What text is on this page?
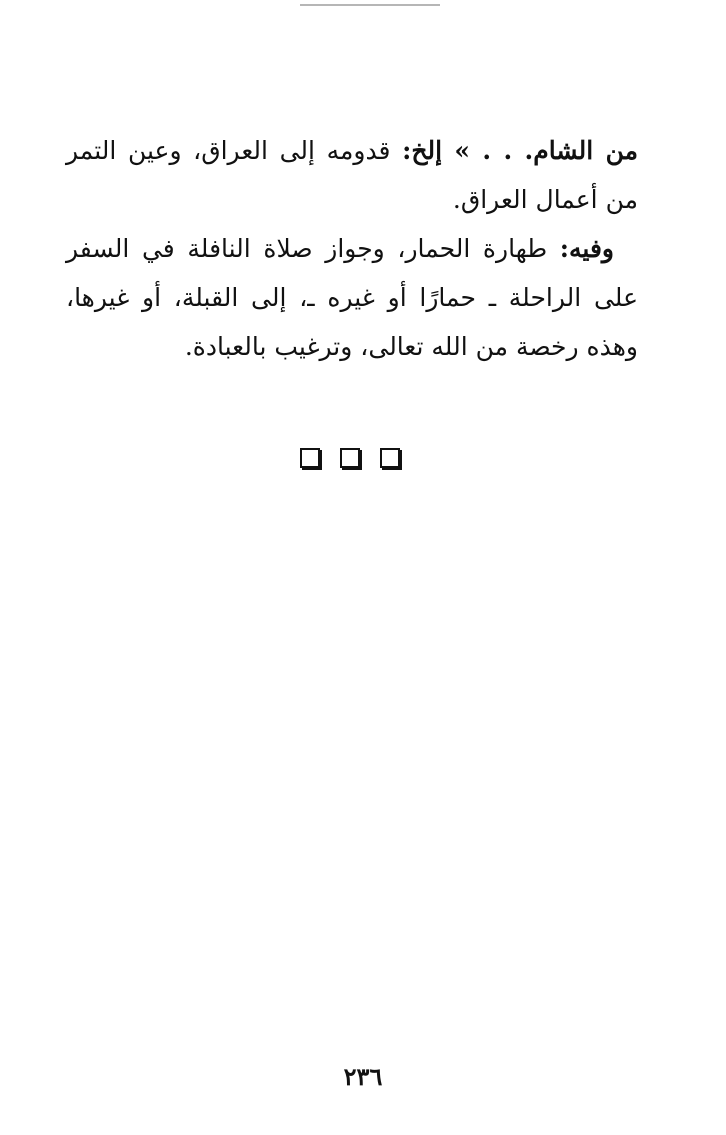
من الشام. . . » إلخ: قدومه إلى العراق، وعين التمر من أعمال العراق.

وفيه: طهارة الحمار، وجواز صلاة النافلة في السفر على الراحلة ـ حمارًا أو غيره ـ، إلى القبلة، أو غيرها، وهذه رخصة من الله تعالى، وترغيب بالعبادة.

٢٣٦
